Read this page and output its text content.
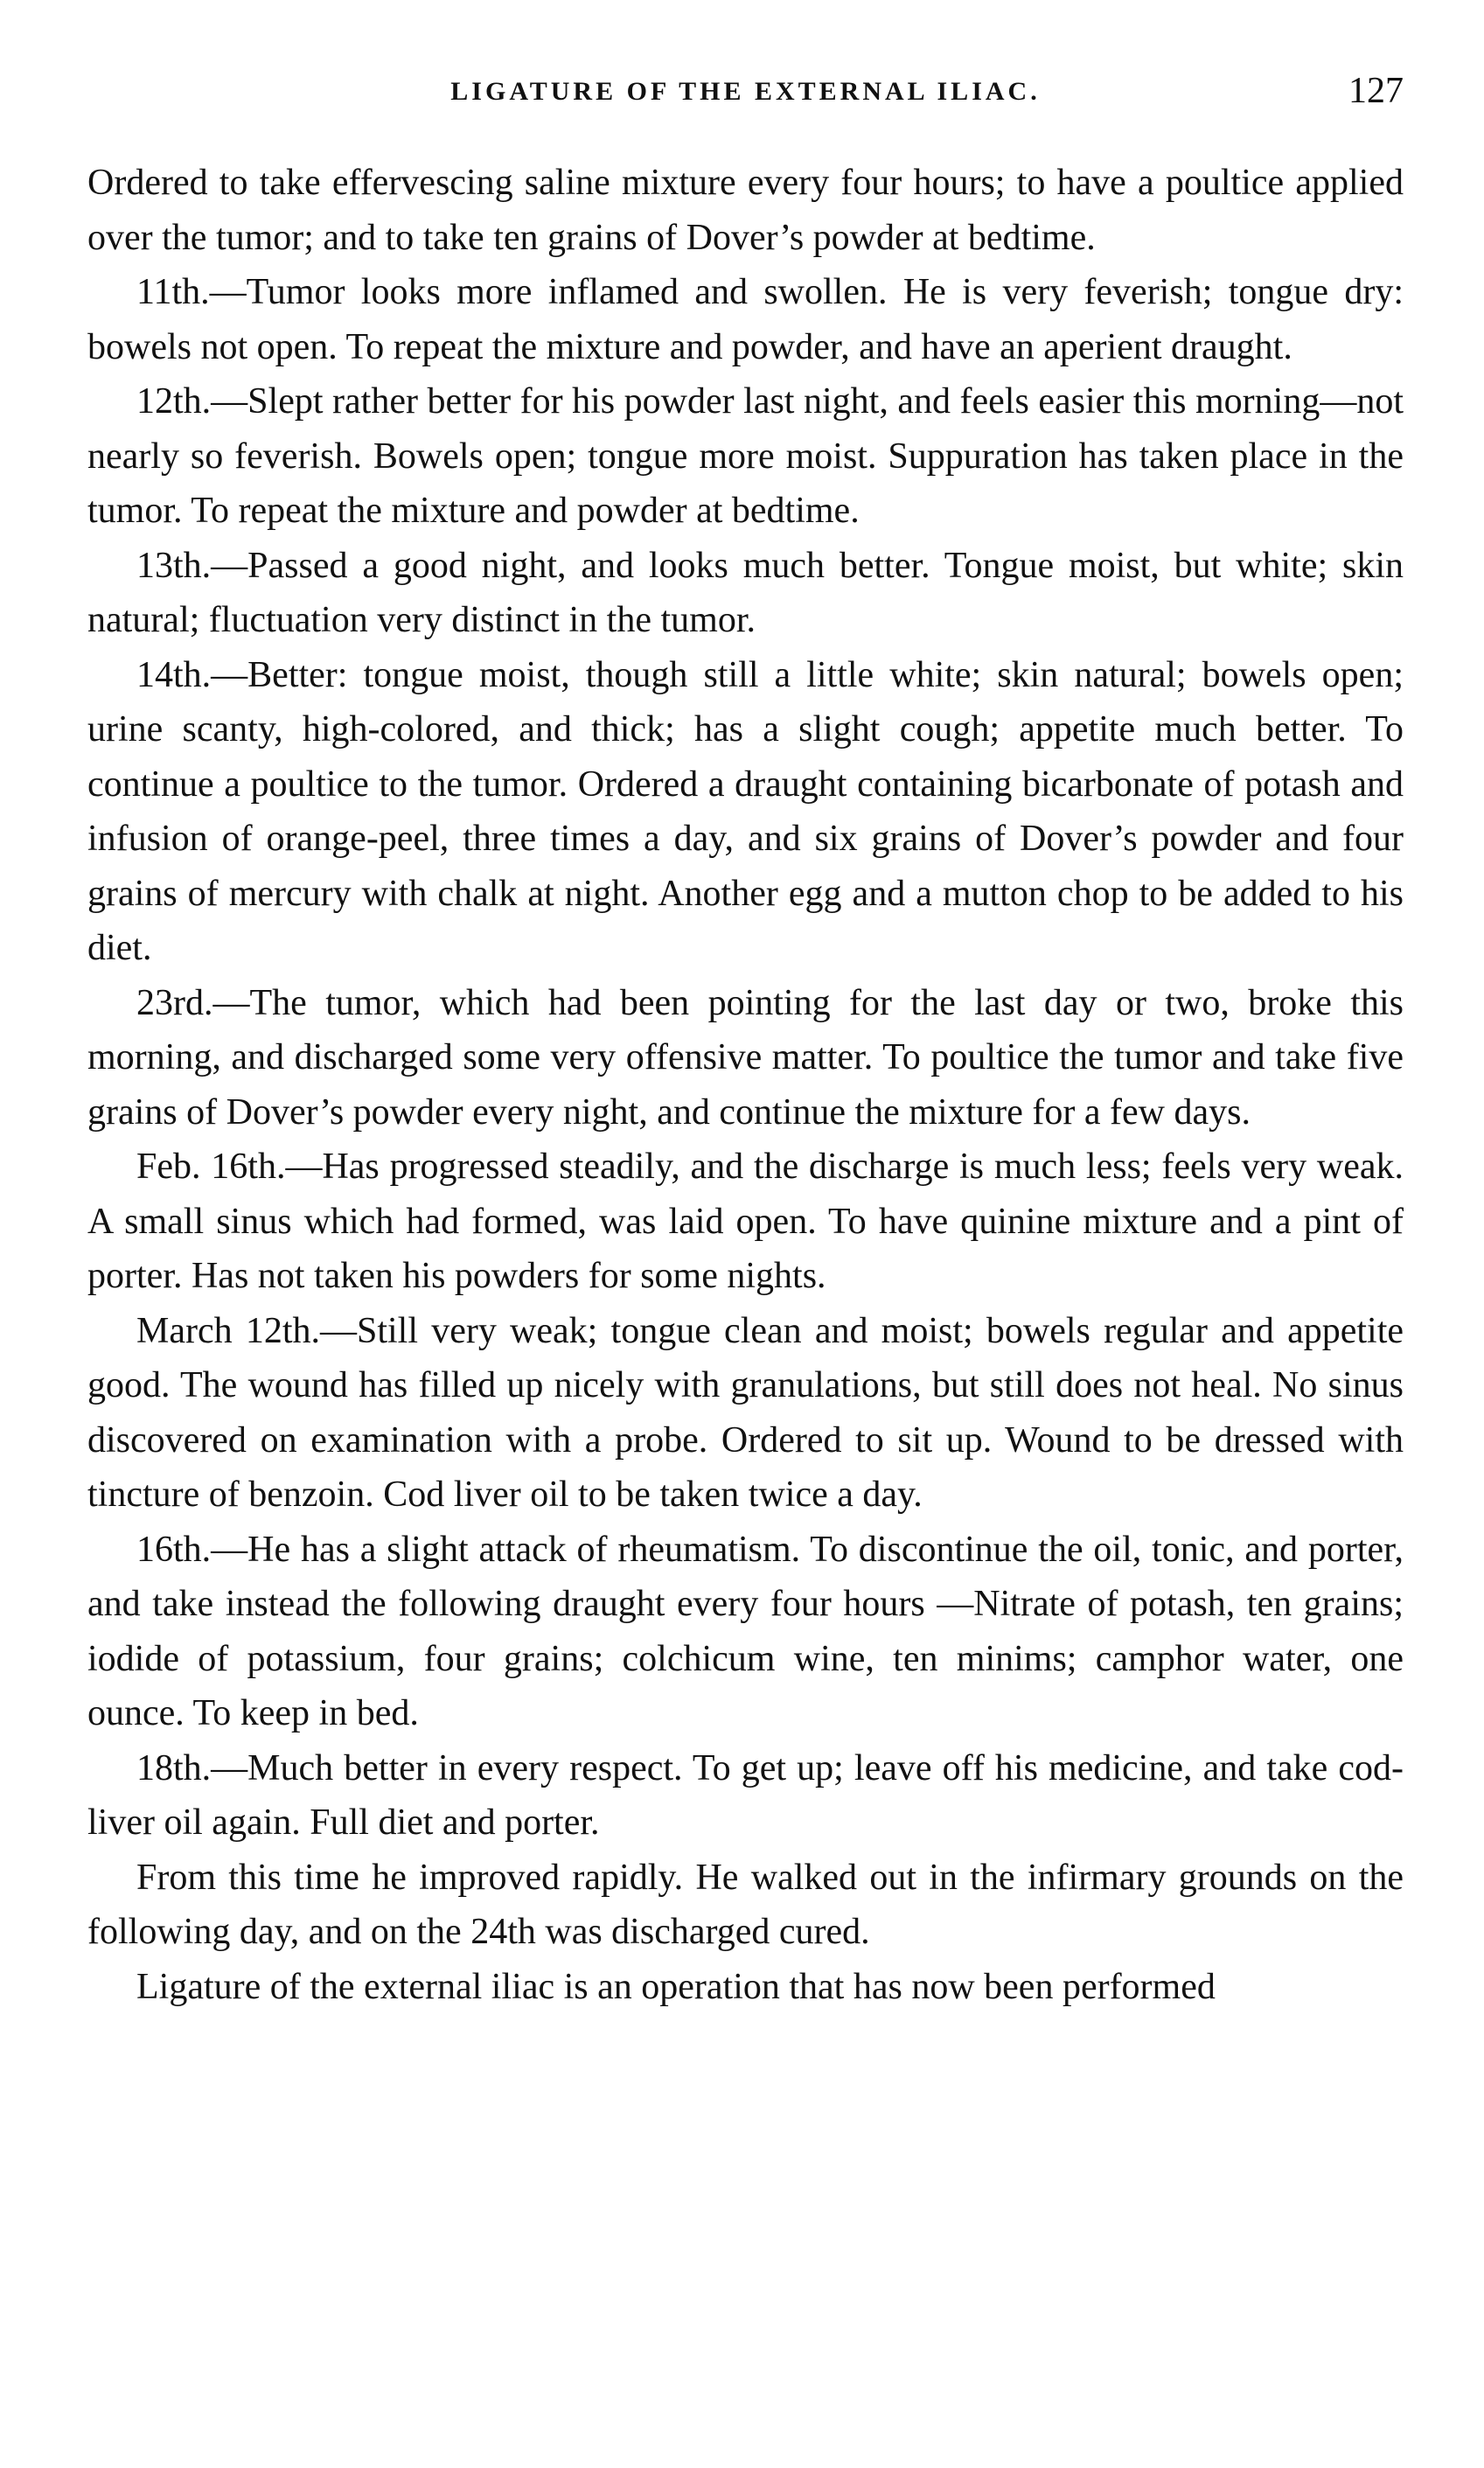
LIGATURE OF THE EXTERNAL ILIAC.	127

Ordered to take effervescing saline mixture every four hours; to have a poultice applied over the tumor; and to take ten grains of Dover’s powder at bedtime.

11th.—Tumor looks more inflamed and swollen. He is very feverish; tongue dry: bowels not open. To repeat the mixture and powder, and have an aperient draught.

12th.—Slept rather better for his powder last night, and feels easier this morning—not nearly so feverish. Bowels open; tongue more moist. Suppuration has taken place in the tumor. To repeat the mixture and powder at bedtime.

13th.—Passed a good night, and looks much better. Tongue moist, but white; skin natural; fluctuation very distinct in the tumor.

14th.—Better: tongue moist, though still a little white; skin natural; bowels open; urine scanty, high-colored, and thick; has a slight cough; appetite much better. To continue a poultice to the tumor. Ordered a draught containing bicarbonate of potash and infusion of orange-peel, three times a day, and six grains of Dover’s powder and four grains of mercury with chalk at night. Another egg and a mutton chop to be added to his diet.

23rd.—The tumor, which had been pointing for the last day or two, broke this morning, and discharged some very offensive matter. To poultice the tumor and take five grains of Dover’s powder every night, and continue the mixture for a few days.

Feb. 16th.—Has progressed steadily, and the discharge is much less; feels very weak. A small sinus which had formed, was laid open. To have quinine mixture and a pint of porter. Has not taken his powders for some nights.

March 12th.—Still very weak; tongue clean and moist; bowels regular and appetite good. The wound has filled up nicely with granulations, but still does not heal. No sinus discovered on examination with a probe. Ordered to sit up. Wound to be dressed with tincture of benzoin. Cod liver oil to be taken twice a day.

16th.—He has a slight attack of rheumatism. To discontinue the oil, tonic, and porter, and take instead the following draught every four hours —Nitrate of potash, ten grains; iodide of potassium, four grains; colchicum wine, ten minims; camphor water, one ounce. To keep in bed.

18th.—Much better in every respect. To get up; leave off his medicine, and take cod-liver oil again. Full diet and porter.

From this time he improved rapidly. He walked out in the infirmary grounds on the following day, and on the 24th was discharged cured.

Ligature of the external iliac is an operation that has now been performed
